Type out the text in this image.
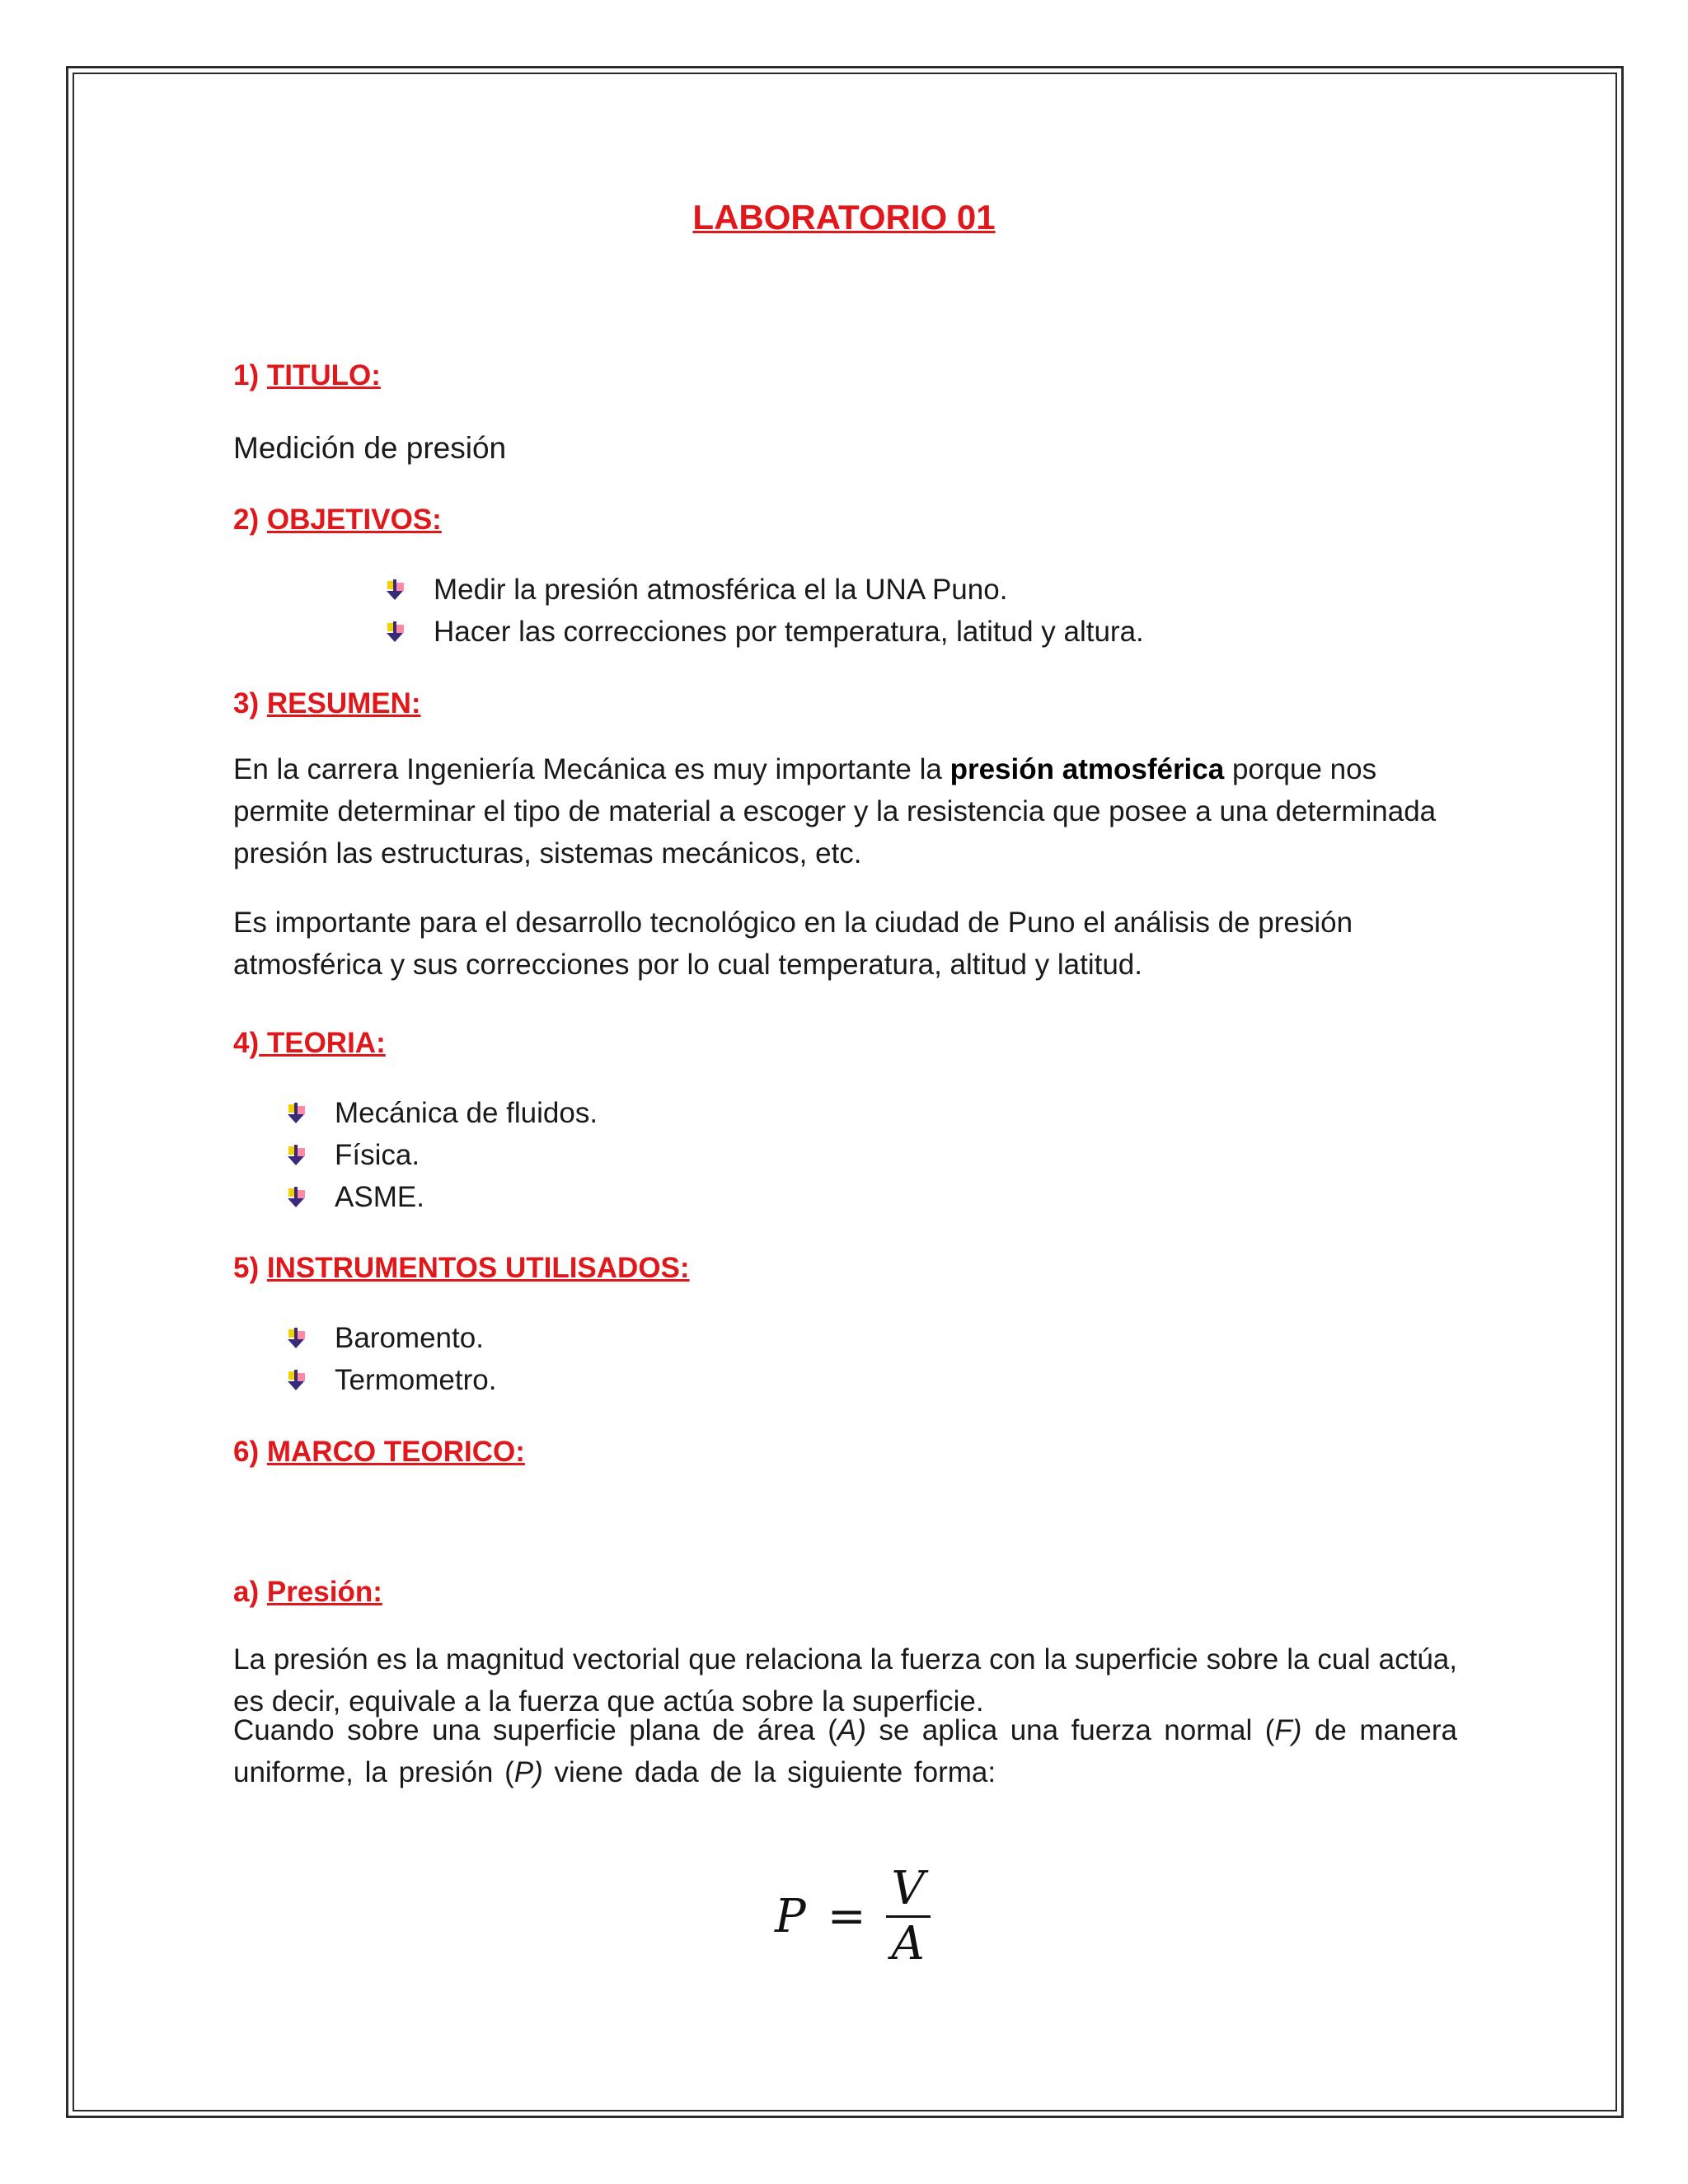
LABORATORIO 01

1) TITULO:

Medición de presión

2) OBJETIVOS:

Medir la presión atmosférica el la UNA Puno.
Hacer las correcciones por temperatura, latitud y altura.

3) RESUMEN:

En la carrera Ingeniería Mecánica es muy importante la presión atmosférica porque nos permite determinar el tipo de material a escoger y la resistencia que posee a una determinada presión las estructuras, sistemas mecánicos, etc.

Es importante para el desarrollo tecnológico en la ciudad de Puno el análisis de presión atmosférica y sus correcciones por lo cual temperatura, altitud y latitud.

4) TEORIA:

Mecánica de fluidos.
Física.
ASME.

5) INSTRUMENTOS UTILISADOS:

Baromento.
Termometro.

6) MARCO TEORICO:

a) Presión:

La presión es la magnitud vectorial que relaciona la fuerza con la superficie sobre la cual actúa, es decir, equivale a la fuerza que actúa sobre la superficie.

Cuando sobre una superficie plana de área (A) se aplica una fuerza normal (F) de manera uniforme, la presión (P) viene dada de la siguiente forma:

$P = \frac{V}{A}$
